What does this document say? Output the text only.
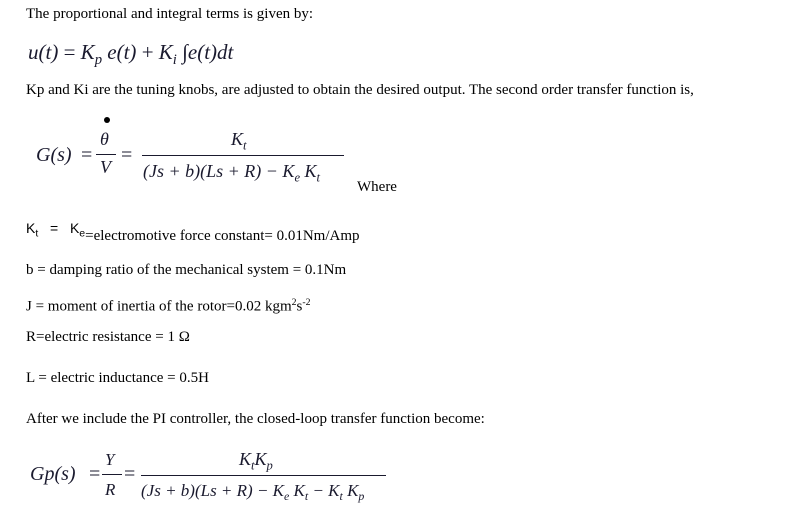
The proportional and integral terms is given by:
$u(t) = K_p$ $e(t) + K_i$ ∫e(t)dt
Kp and Ki are the tuning knobs, are adjusted to obtain the desired output. The second order transfer function is,
G(s) =
θ
V
=
$K_t$
$(Js + b)(Ls + R) - K_e$ $K_t$
Where
$K_t$ = $K_e=electromotive$ force constant= 0.01Nm/Amp
b = damping ratio of the mechanical system = 0.1Nm
J = moment of inertia of the rotor=0.02 $kgm^2s^{-2}$
R=electric resistance = 1 Ω
L = electric inductance = 0.5H
After we include the PI controller, the closed-loop transfer function become:
Gp(s) =
Y
R
=
$K_tK_p$
$(Js + b)(Ls + R) - K_e$ $K_t - K_t$ $K_p$
